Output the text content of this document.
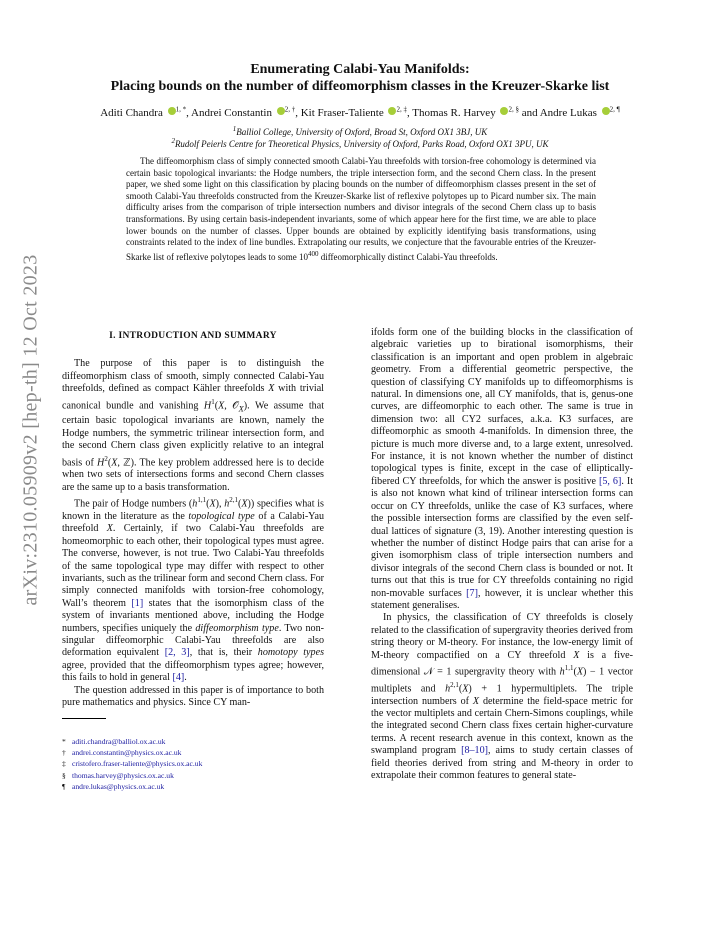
arXiv:2310.05909v2 [hep-th] 12 Oct 2023
Enumerating Calabi-Yau Manifolds:
Placing bounds on the number of diffeomorphism classes in the Kreuzer-Skarke list
Aditi Chandra $^{1, *}$, Andrei Constantin $^{2, \dagger}$, Kit Fraser-Taliente $^{2, \ddagger}$, Thomas R. Harvey $^{2, \S}$ and Andre Lukas $^{2, \P}$
$^1$Balliol College, University of Oxford, Broad St, Oxford OX1 3BJ, UK
$^2$Rudolf Peierls Centre for Theoretical Physics, University of Oxford, Parks Road, Oxford OX1 3PU, UK
The diffeomorphism class of simply connected smooth Calabi-Yau threefolds with torsion-free cohomology is determined via certain basic topological invariants: the Hodge numbers, the triple intersection form, and the second Chern class. In the present paper, we shed some light on this classification by placing bounds on the number of diffeomorphism classes present in the set of smooth Calabi-Yau threefolds constructed from the Kreuzer-Skarke list of reflexive polytopes up to Picard number six. The main difficulty arises from the comparison of triple intersection numbers and divisor integrals of the second Chern class up to basis transformations. By using certain basis-independent invariants, some of which appear here for the first time, we are able to place lower bounds on the number of classes. Upper bounds are obtained by explicitly identifying basis transformations, using constraints related to the index of line bundles. Extrapolating our results, we conjecture that the favourable entries of the Kreuzer-Skarke list of reflexive polytopes leads to some $10^{400}$ diffeomorphically distinct Calabi-Yau threefolds.
I. INTRODUCTION AND SUMMARY

The purpose of this paper is to distinguish the diffeomorphism class of smooth, simply connected Calabi-Yau threefolds, defined as compact Kähler threefolds X with trivial canonical bundle and vanishing $H^1(X$, 𝒪$_X$). We assume that certain basic topological invariants are known, namely the Hodge numbers, the symmetric trilinear intersection form, and the second Chern class given explicitly relative to an integral basis of $H^2(X$, ℤ). The key problem addressed here is to decide when two sets of intersections forms and second Chern classes are the same up to a basis transformation.

The pair of Hodge numbers ($h^{1,1}(X)$, $h^{2,1}(X)$) specifies what is known in the literature as the topological type of a Calabi-Yau threefold X. Certainly, if two Calabi-Yau threefolds are homeomorphic to each other, their topological types must agree. The converse, however, is not true. Two Calabi-Yau threefolds of the same topological type may differ with respect to other invariants, such as the trilinear form and second Chern class. For simply connected manifolds with torsion-free cohomology, Wall’s theorem [1] states that the isomorphism class of the system of invariants mentioned above, including the Hodge numbers, specifies uniquely the diffeomorphism type. Two non-singular diffeomorphic Calabi-Yau threefolds are also deformation equivalent [2, 3], that is, their homotopy types agree, provided that the diffeomorphism types agree; however, this fails to hold in general [4].

The question addressed in this paper is of importance to both pure mathematics and physics. Since CY man-

ifolds form one of the building blocks in the classification of algebraic varieties up to birational isomorphisms, their classification is an important and open problem in algebraic geometry. From a differential geometric perspective, the question of classifying CY manifolds up to diffeomorphisms is natural. In dimensions one, all CY manifolds, that is, genus-one curves, are diffeomorphic to each other. The same is true in dimension two: all CY2 surfaces, a.k.a. K3 surfaces, are diffeomorphic as smooth 4-manifolds. In dimension three, the picture is much more diverse and, to a large extent, unresolved. For instance, it is not known whether the number of distinct topological types is finite, except in the case of elliptically-fibered CY threefolds, for which the answer is positive [5, 6]. It is also not known what kind of trilinear intersection forms can occur on CY threefolds, unlike the case of K3 surfaces, where the possible intersection forms are classified by the even self-dual lattices of signature (3, 19). Another interesting question is whether the number of distinct Hodge pairs that can arise for a given isomorphism class of triple intersection numbers and divisor integrals of the second Chern class is bounded or not. It turns out that this is true for CY threefolds containing no rigid non-movable surfaces [7], however, it is unclear whether this statement generalises.

In physics, the classification of CY threefolds is closely related to the classification of supergravity theories derived from string theory or M-theory. For instance, the low-energy limit of M-theory compactified on a CY threefold X is a five-dimensional 𝒩 = 1 supergravity theory with $h^{1,1}(X) - 1$ vector multiplets and $h^{2,1}(X) + 1$ hypermultiplets. The triple intersection numbers of X determine the field-space metric for the vector multiplets and certain Chern-Simons couplings, while the integrated second Chern class fixes certain higher-curvature terms. A recent research avenue in this context, known as the swampland program [8–10], aims to study certain classes of field theories derived from string and M-theory in order to extrapolate their common features to general state-

* aditi.chandra@balliol.ox.ac.uk
† andrei.constantin@physics.ox.ac.uk
‡ cristofero.fraser-taliente@physics.ox.ac.uk
§ thomas.harvey@physics.ox.ac.uk
¶ andre.lukas@physics.ox.ac.uk
